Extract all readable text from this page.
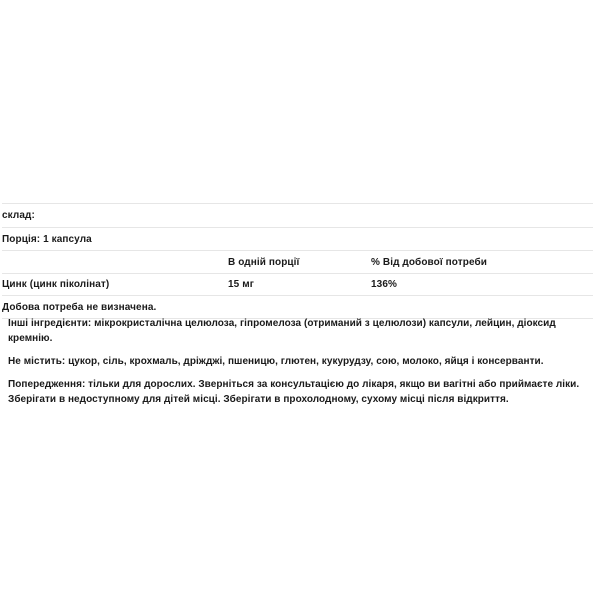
склад:		
Порція: 1 капсула		
	В одній порції	% Від добової потреби
Цинк (цинк піколінат)	15 мг	136%
Добова потреба не визначена.		

Інші інгредієнти: мікрокристалічна целюлоза, гіпромелоза (отриманий з целюлози) капсули, лейцин, діоксид кремнію.

Не містить: цукор, сіль, крохмаль, дріжджі, пшеницю, глютен, кукурудзу, сою, молоко, яйця і консерванти.

Попередження: тільки для дорослих. Зверніться за консультацією до лікаря, якщо ви вагітні або приймаєте ліки. Зберігати в недоступному для дітей місці. Зберігати в прохолодному, сухому місці після відкриття.
